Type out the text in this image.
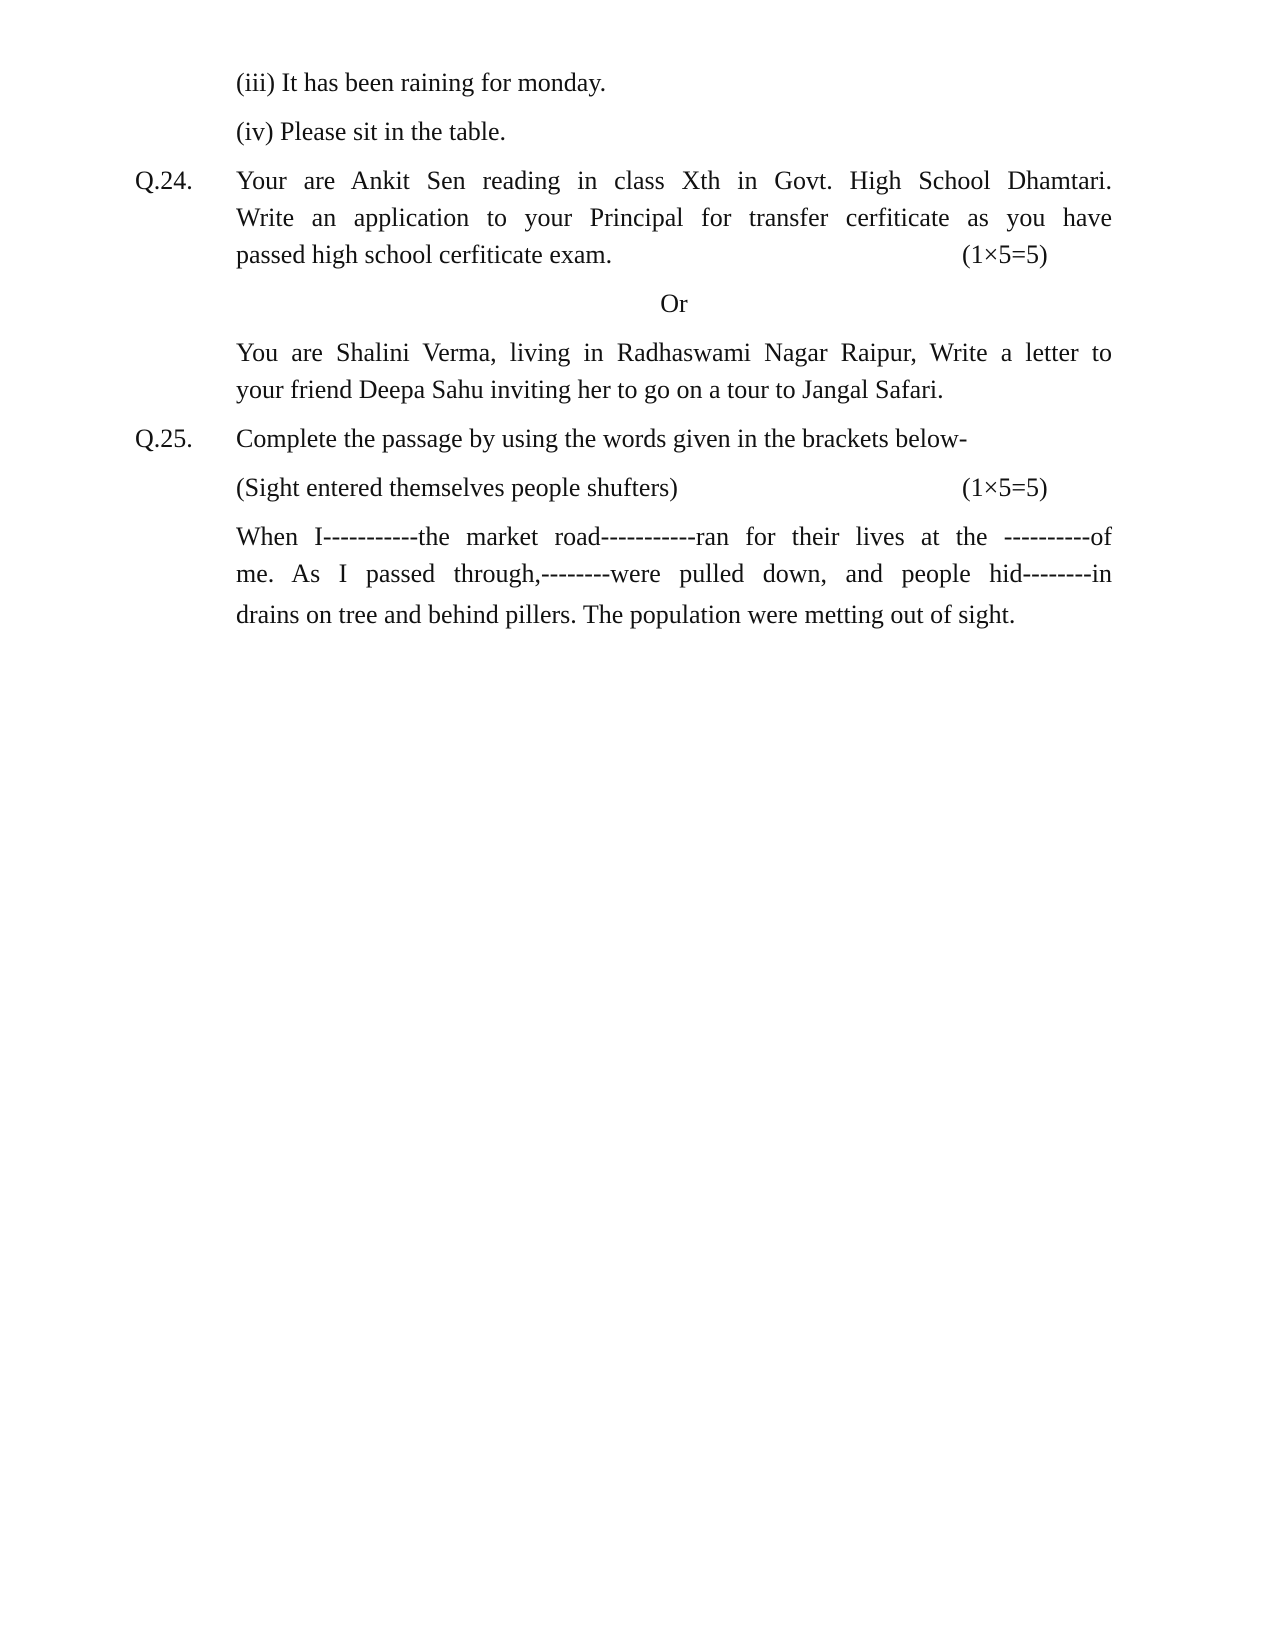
(iii) It has been raining for monday.
(iv) Please sit in the table.
Q.24. Your are Ankit Sen reading in class Xth in Govt. High School Dhamtari.
Write an application to your Principal for transfer cerfiticate as you have
passed high school cerfiticate exam.	(1×5=5)
Or
You are Shalini Verma, living in Radhaswami Nagar Raipur, Write a letter to
your friend Deepa Sahu inviting her to go on a tour to Jangal Safari.
Q.25. Complete the passage by using the words given in the brackets below-
(Sight entered themselves people shufters)	(1×5=5)
When I-----------the market road-----------ran for their lives at the ----------of
me. As I passed through,--------were pulled down, and people hid--------in
drains on tree and behind pillers. The population were metting out of sight.
